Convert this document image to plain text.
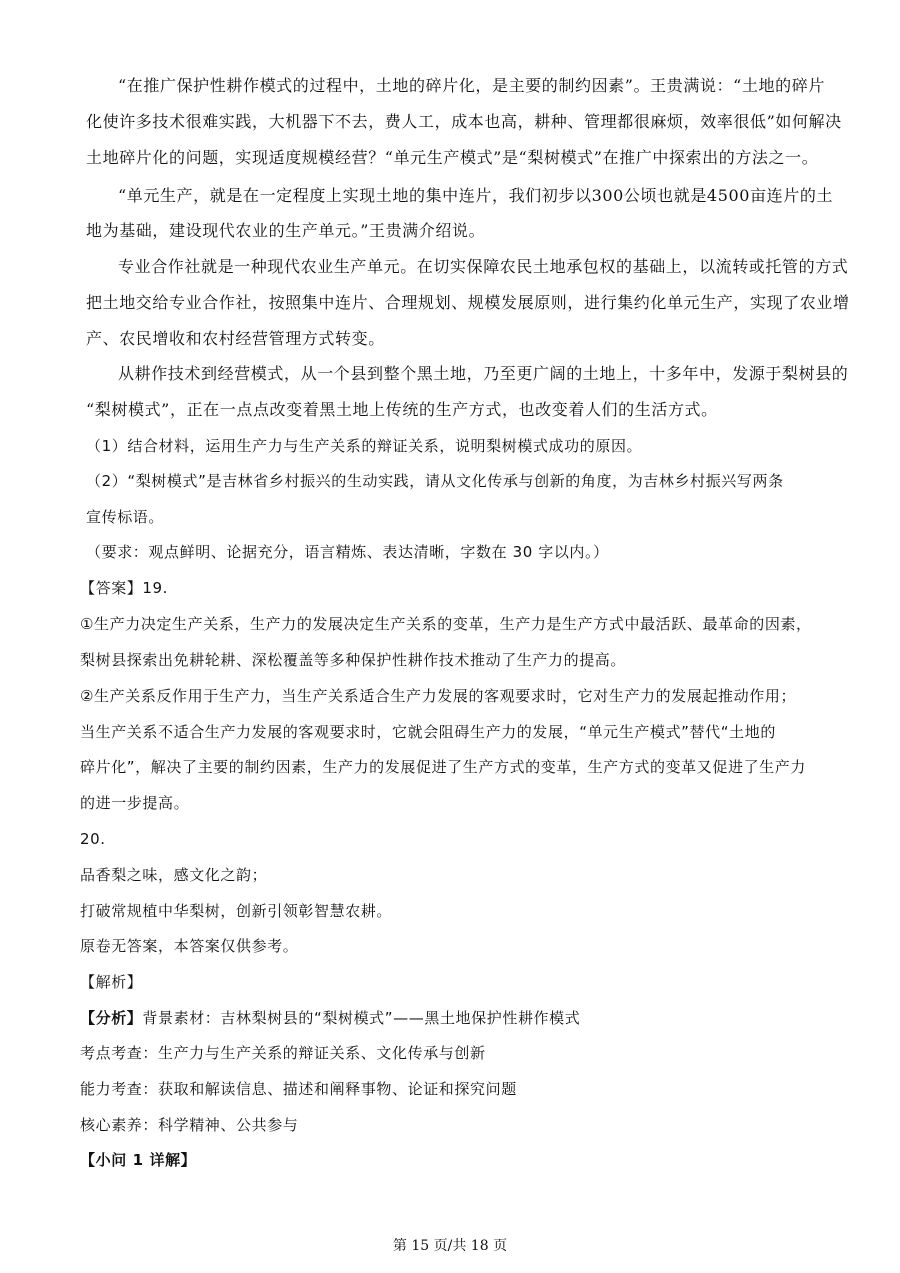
“在推广保护性耕作模式的过程中，土地的碎片化，是主要的制约因素”。王贵满说：“土地的碎片
化使许多技术很难实践，大机器下不去，费人工，成本也高，耕种、管理都很麻烦，效率很低”如何解决
土地碎片化的问题，实现适度规模经营？“单元生产模式”是“梨树模式”在推广中探索出的方法之一。
“单元生产，就是在一定程度上实现土地的集中连片，我们初步以300公顷也就是4500亩连片的土
地为基础，建设现代农业的生产单元。”王贵满介绍说。
专业合作社就是一种现代农业生产单元。在切实保障农民土地承包权的基础上，以流转或托管的方式
把土地交给专业合作社，按照集中连片、合理规划、规模发展原则，进行集约化单元生产，实现了农业增
产、农民增收和农村经营管理方式转变。
从耕作技术到经营模式，从一个县到整个黑土地，乃至更广阔的土地上，十多年中，发源于梨树县的
“梨树模式”，正在一点点改变着黑土地上传统的生产方式，也改变着人们的生活方式。
（1）结合材料，运用生产力与生产关系的辩证关系，说明梨树模式成功的原因。
（2）“梨树模式”是吉林省乡村振兴的生动实践，请从文化传承与创新的角度，为吉林乡村振兴写两条
宣传标语。
（要求：观点鲜明、论据充分，语言精炼、表达清晰，字数在 30 字以内。）
【答案】19.
①生产力决定生产关系，生产力的发展决定生产关系的变革，生产力是生产方式中最活跃、最革命的因素，
梨树县探索出免耕轮耕、深松覆盖等多种保护性耕作技术推动了生产力的提高。
②生产关系反作用于生产力，当生产关系适合生产力发展的客观要求时，它对生产力的发展起推动作用；
当生产关系不适合生产力发展的客观要求时，它就会阻碍生产力的发展，“单元生产模式”替代“土地的
碎片化”，解决了主要的制约因素，生产力的发展促进了生产方式的变革，生产方式的变革又促进了生产力
的进一步提高。
20.
品香梨之味，感文化之韵；
打破常规植中华梨树，创新引领彰智慧农耕。
原卷无答案，本答案仅供参考。
【解析】
【分析】背景素材：吉林梨树县的“梨树模式”——黑土地保护性耕作模式
考点考查：生产力与生产关系的辩证关系、文化传承与创新
能力考查：获取和解读信息、描述和阐释事物、论证和探究问题
核心素养：科学精神、公共参与
【小问 1 详解】
第 15 页/共 18 页
